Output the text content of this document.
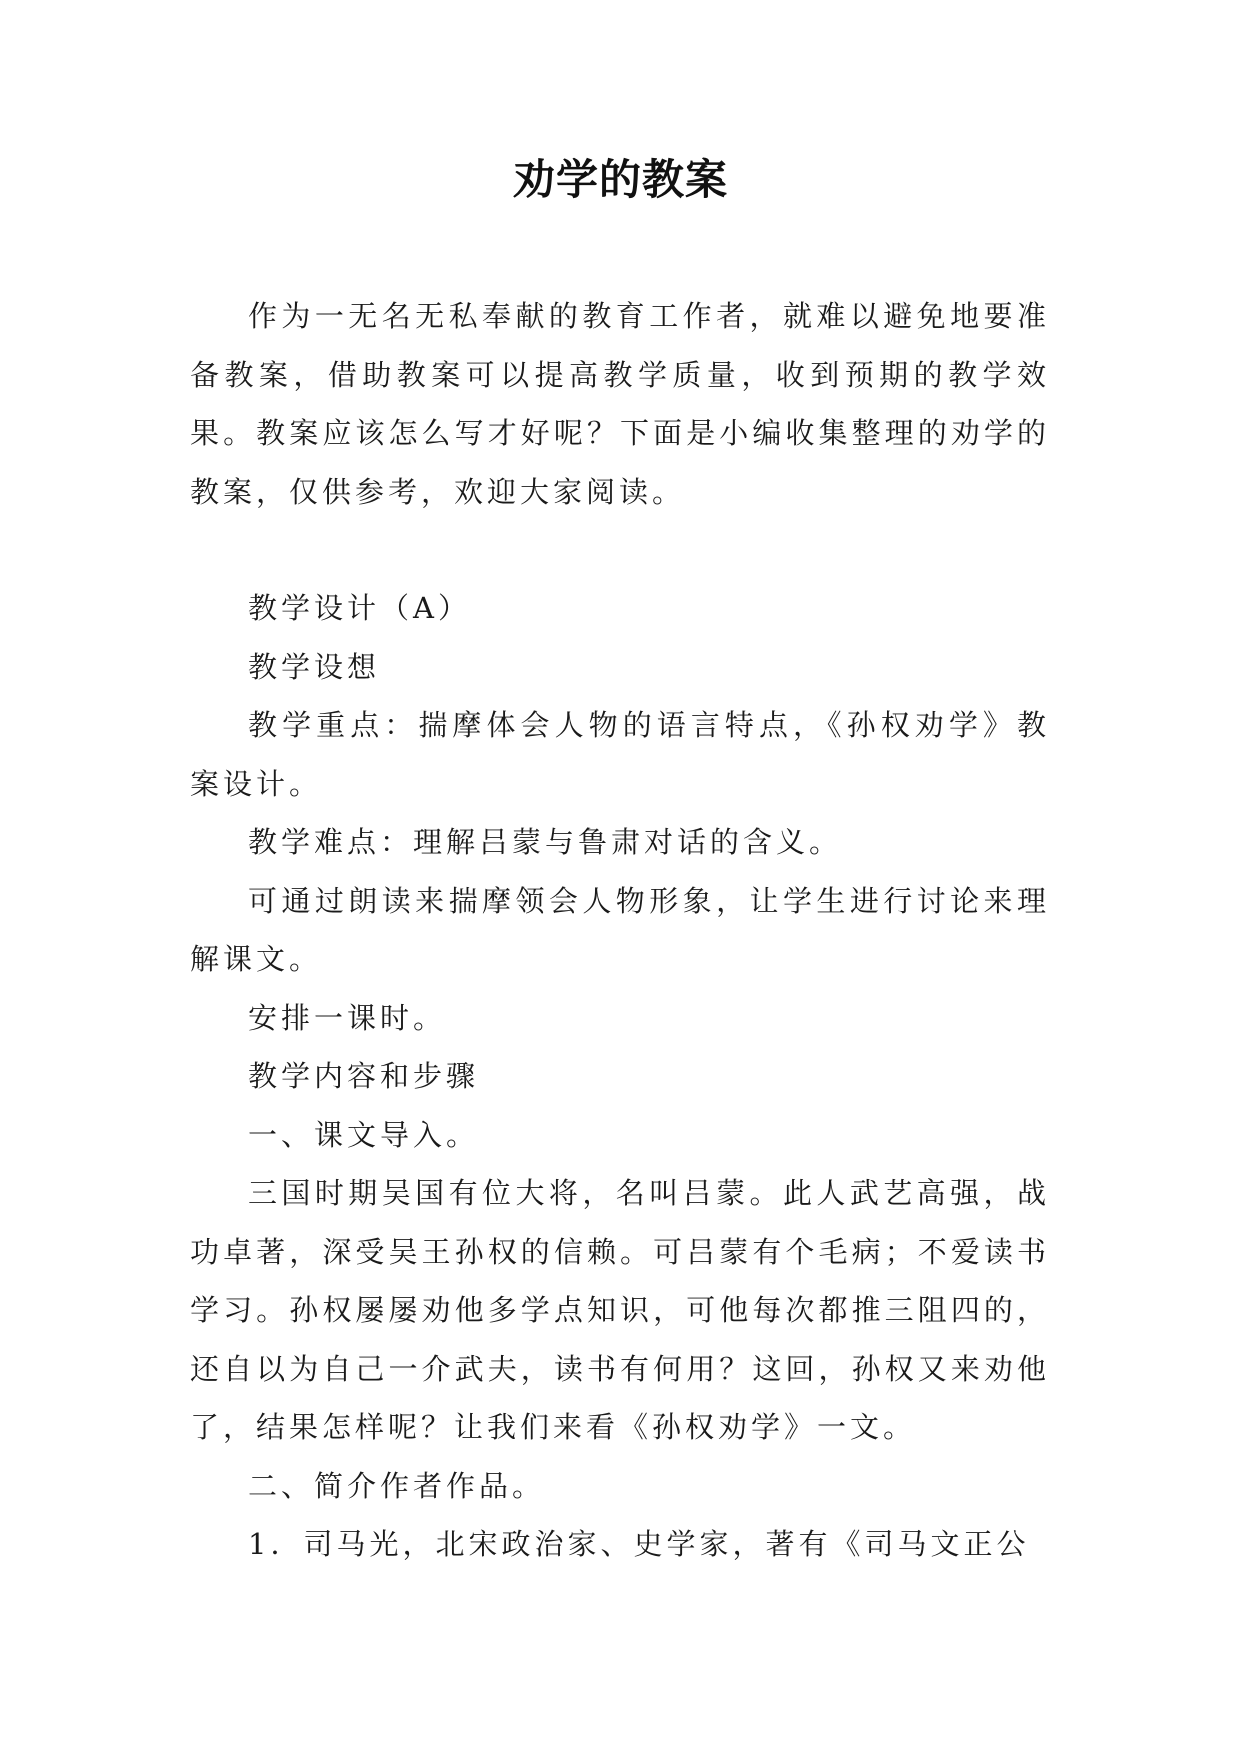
劝学的教案

作为一无名无私奉献的教育工作者，就难以避免地要准备教案，借助教案可以提高教学质量，收到预期的教学效果。教案应该怎么写才好呢？下面是小编收集整理的劝学的教案，仅供参考，欢迎大家阅读。

教学设计（A）

教学设想

教学重点：揣摩体会人物的语言特点，《孙权劝学》教案设计。

教学难点：理解吕蒙与鲁肃对话的含义。

可通过朗读来揣摩领会人物形象，让学生进行讨论来理解课文。

安排一课时。

教学内容和步骤

一、课文导入。

三国时期吴国有位大将，名叫吕蒙。此人武艺高强，战功卓著，深受吴王孙权的信赖。可吕蒙有个毛病；不爱读书学习。孙权屡屡劝他多学点知识，可他每次都推三阻四的，还自以为自己一介武夫，读书有何用？这回，孙权又来劝他了，结果怎样呢？让我们来看《孙权劝学》一文。

二、简介作者作品。

1．司马光，北宋政治家、史学家，著有《司马文正公
